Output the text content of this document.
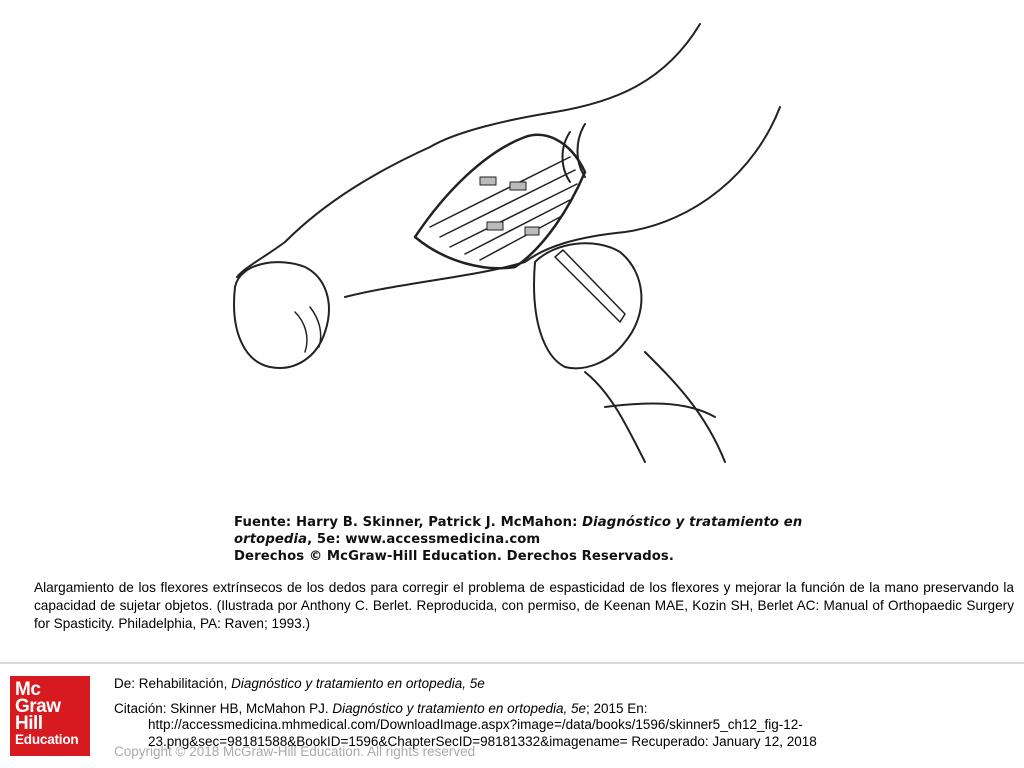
Fuente: Harry B. Skinner, Patrick J. McMahon: Diagnóstico y tratamiento en
ortopedia, 5e: www.accessmedicina.com
Derechos © McGraw-Hill Education. Derechos Reservados.
Alargamiento de los flexores extrínsecos de los dedos para corregir el problema de espasticidad de los flexores y mejorar la función de la mano preservando la capacidad de sujetar objetos. (Ilustrada por Anthony C. Berlet. Reproducida, con permiso, de Keenan MAE, Kozin SH, Berlet AC: Manual of Orthopaedic Surgery for Spasticity. Philadelphia, PA: Raven; 1993.)
Mc
Graw
Hill
Education
De: Rehabilitación, Diagnóstico y tratamiento en ortopedia, 5e
Citación: Skinner HB, McMahon PJ. Diagnóstico y tratamiento en ortopedia, 5e; 2015 En:
http://accessmedicina.mhmedical.com/DownloadImage.aspx?image=/data/books/1596/skinner5_ch12_fig-12-
23.png&sec=98181588&BookID=1596&ChapterSecID=98181332&imagename= Recuperado: January 12, 2018
Copyright © 2018 McGraw-Hill Education. All rights reserved
